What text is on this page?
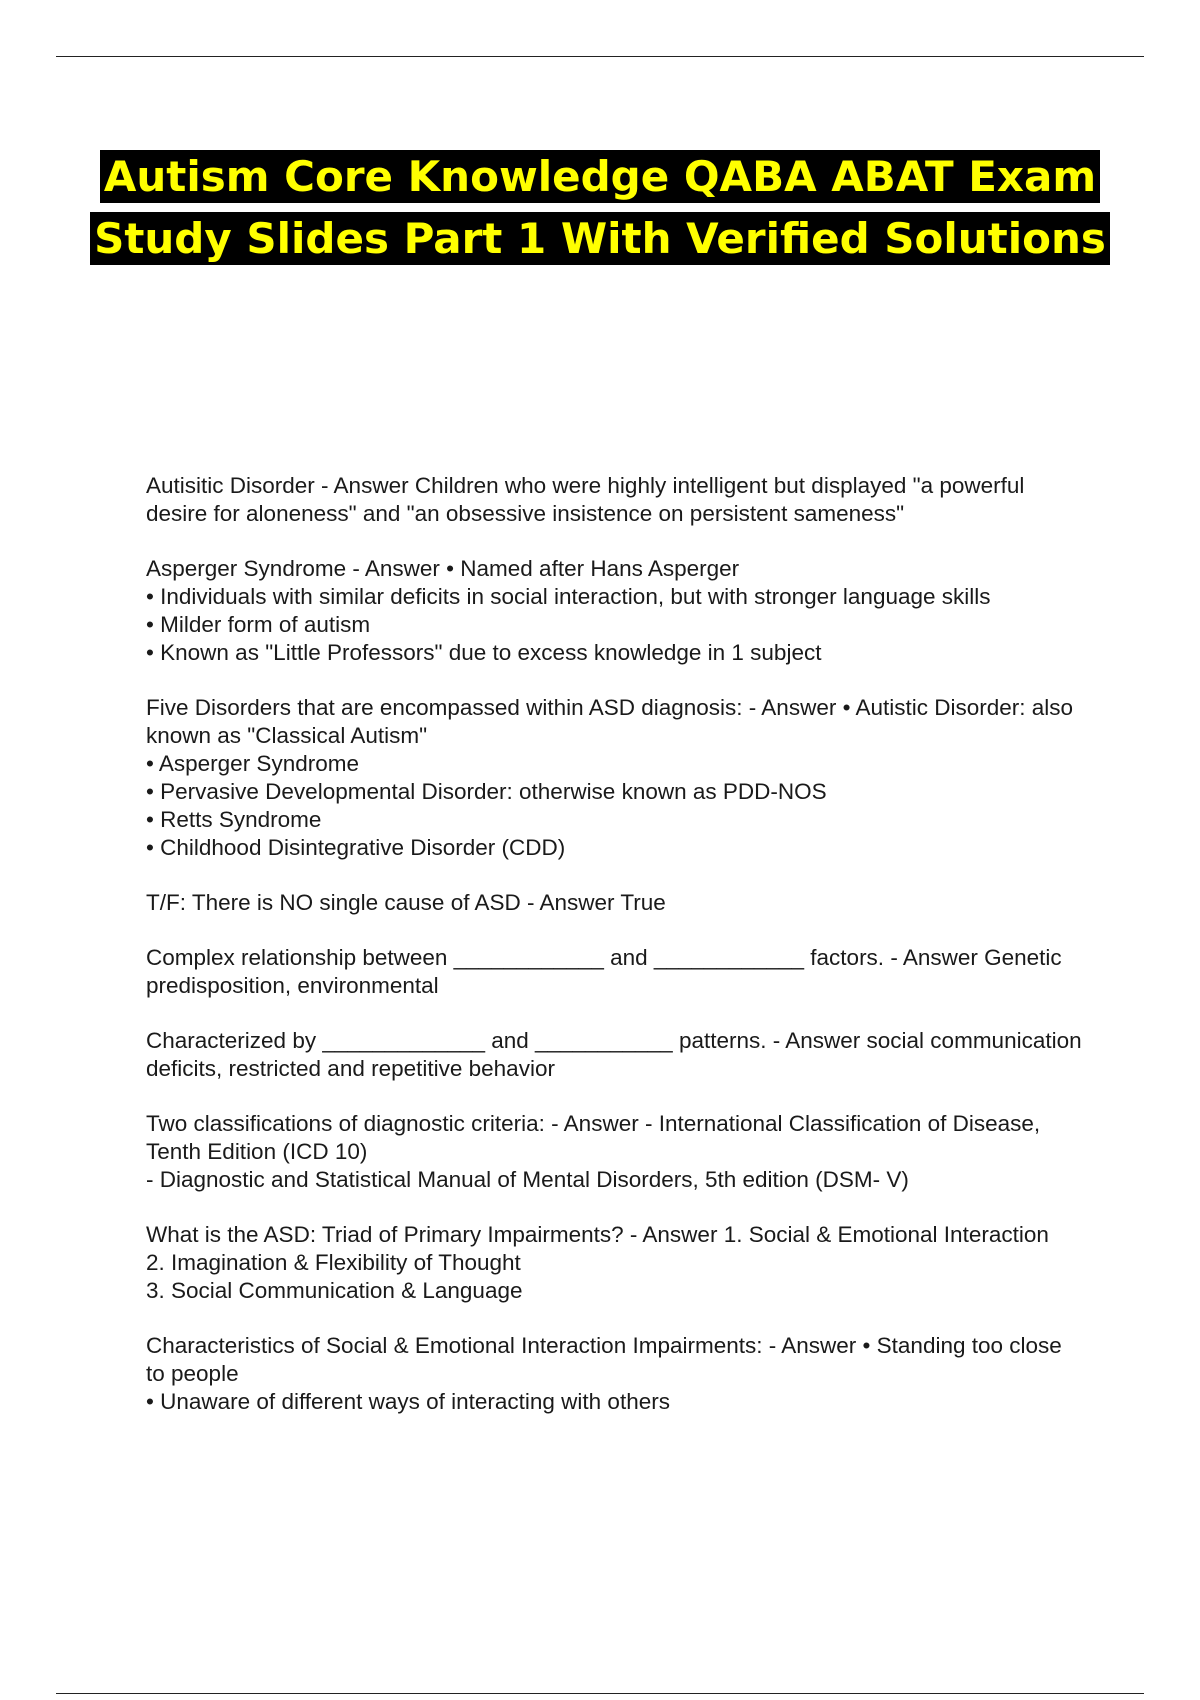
Autism Core Knowledge QABA ABAT Exam Study Slides Part 1 With Verified Solutions

Autisitic Disorder - Answer Children who were highly intelligent but displayed "a powerful desire for aloneness" and "an obsessive insistence on persistent sameness"

Asperger Syndrome - Answer • Named after Hans Asperger
• Individuals with similar deficits in social interaction, but with stronger language skills
• Milder form of autism
• Known as "Little Professors" due to excess knowledge in 1 subject

Five Disorders that are encompassed within ASD diagnosis: - Answer • Autistic Disorder: also known as "Classical Autism"
• Asperger Syndrome
• Pervasive Developmental Disorder: otherwise known as PDD-NOS
• Retts Syndrome
• Childhood Disintegrative Disorder (CDD)

T/F: There is NO single cause of ASD - Answer True

Complex relationship between ____________ and ____________ factors. - Answer Genetic predisposition, environmental

Characterized by _____________ and ___________ patterns. - Answer social communication deficits, restricted and repetitive behavior

Two classifications of diagnostic criteria: - Answer - International Classification of Disease, Tenth Edition (ICD 10)
- Diagnostic and Statistical Manual of Mental Disorders, 5th edition (DSM- V)

What is the ASD: Triad of Primary Impairments? - Answer 1. Social & Emotional Interaction
2. Imagination & Flexibility of Thought
3. Social Communication & Language

Characteristics of Social & Emotional Interaction Impairments: - Answer • Standing too close to people
• Unaware of different ways of interacting with others
